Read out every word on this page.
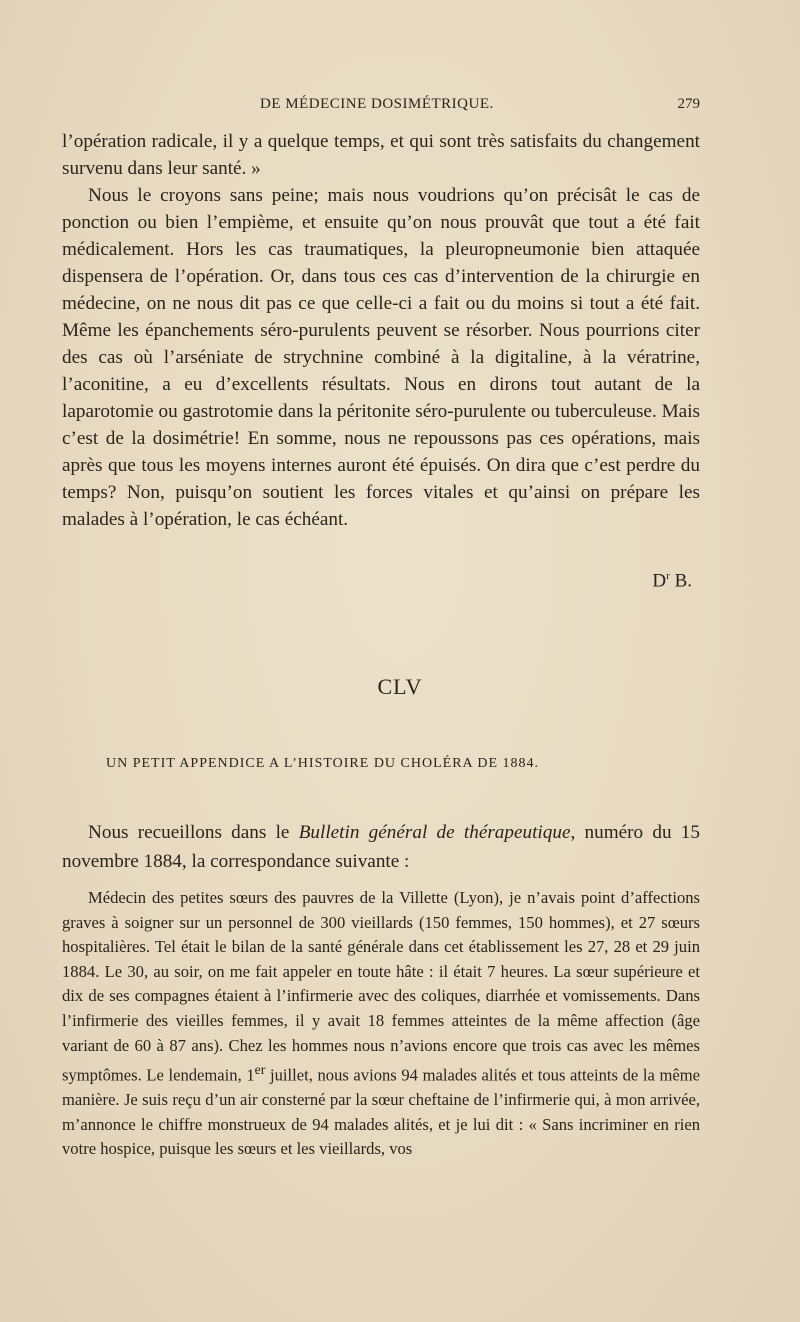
DE MÉDECINE DOSIMÉTRIQUE.	279

l’opération radicale, il y a quelque temps, et qui sont très satisfaits du changement survenu dans leur santé. »

Nous le croyons sans peine; mais nous voudrions qu’on précisât le cas de ponction ou bien l’empième, et ensuite qu’on nous prouvât que tout a été fait médicalement. Hors les cas traumatiques, la pleuropneumonie bien attaquée dispensera de l’opération. Or, dans tous ces cas d’intervention de la chirurgie en médecine, on ne nous dit pas ce que celle-ci a fait ou du moins si tout a été fait. Même les épanchements séro-purulents peuvent se résorber. Nous pourrions citer des cas où l’arséniate de strychnine combiné à la digitaline, à la vératrine, l’aconitine, a eu d’excellents résultats. Nous en dirons tout autant de la laparotomie ou gastrotomie dans la péritonite séro-purulente ou tuberculeuse. Mais c’est de la dosimétrie! En somme, nous ne repoussons pas ces opérations, mais après que tous les moyens internes auront été épuisés. On dira que c’est perdre du temps? Non, puisqu’on soutient les forces vitales et qu’ainsi on prépare les malades à l’opération, le cas échéant.

$D^r$ B.
CLV
UN PETIT APPENDICE A L’HISTOIRE DU CHOLÉRA DE 1884.

Nous recueillons dans le Bulletin général de thérapeutique, numéro du 15 novembre 1884, la correspondance suivante :

Médecin des petites sœurs des pauvres de la Villette (Lyon), je n’avais point d’affections graves à soigner sur un personnel de 300 vieillards (150 femmes, 150 hommes), et 27 sœurs hospitalières. Tel était le bilan de la santé générale dans cet établissement les 27, 28 et 29 juin 1884. Le 30, au soir, on me fait appeler en toute hâte : il était 7 heures. La sœur supérieure et dix de ses compagnes étaient à l’infirmerie avec des coliques, diarrhée et vomissements. Dans l’infirmerie des vieilles femmes, il y avait 18 femmes atteintes de la même affection (âge variant de 60 à 87 ans). Chez les hommes nous n’avions encore que trois cas avec les mêmes symptômes. Le lendemain, 1er juillet, nous avions 94 malades alités et tous atteints de la même manière. Je suis reçu d’un air consterné par la sœur cheftaine de l’infirmerie qui, à mon arrivée, m’annonce le chiffre monstrueux de 94 malades alités, et je lui dit : « Sans incriminer en rien votre hospice, puisque les sœurs et les vieillards, vos
